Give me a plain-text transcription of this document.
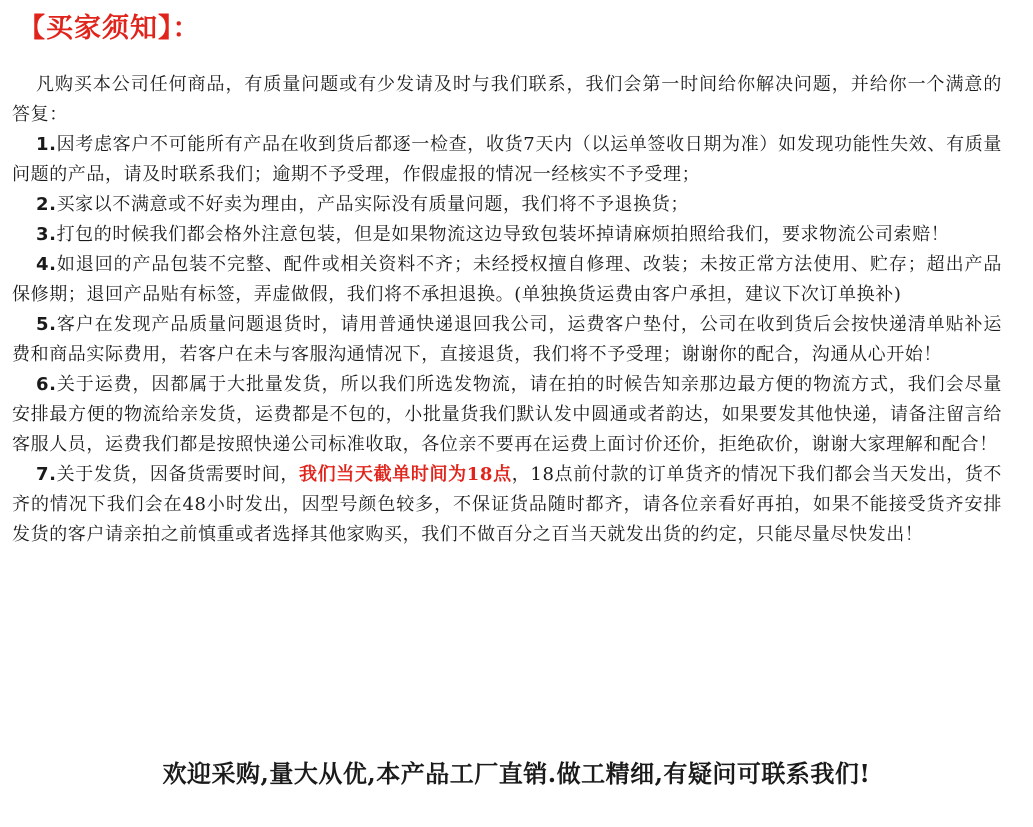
【买家须知】：

凡购买本公司任何商品，有质量问题或有少发请及时与我们联系，我们会第一时间给你解决问题，并给你一个满意的答复：

1.因考虑客户不可能所有产品在收到货后都逐一检查，收货7天内（以运单签收日期为准）如发现功能性失效、有质量问题的产品，请及时联系我们；逾期不予受理，作假虚报的情况一经核实不予受理；

2.买家以不满意或不好卖为理由，产品实际没有质量问题，我们将不予退换货；

3.打包的时候我们都会格外注意包装，但是如果物流这边导致包装坏掉请麻烦拍照给我们，要求物流公司索赔！

4.如退回的产品包装不完整、配件或相关资料不齐；未经授权擅自修理、改装；未按正常方法使用、贮存；超出产品保修期；退回产品贴有标签，弄虚做假，我们将不承担退换。(单独换货运费由客户承担，建议下次订单换补)

5.客户在发现产品质量问题退货时，请用普通快递退回我公司，运费客户垫付，公司在收到货后会按快递清单贴补运费和商品实际费用，若客户在未与客服沟通情况下，直接退货，我们将不予受理；谢谢你的配合，沟通从心开始！

6.关于运费，因都属于大批量发货，所以我们所选发物流，请在拍的时候告知亲那边最方便的物流方式，我们会尽量安排最方便的物流给亲发货，运费都是不包的，小批量货我们默认发中圆通或者韵达，如果要发其他快递，请备注留言给客服人员，运费我们都是按照快递公司标准收取，各位亲不要再在运费上面讨价还价，拒绝砍价，谢谢大家理解和配合！

7.关于发货，因备货需要时间，我们当天截单时间为18点，18点前付款的订单货齐的情况下我们都会当天发出，货不齐的情况下我们会在48小时发出，因型号颜色较多，不保证货品随时都齐，请各位亲看好再拍，如果不能接受货齐安排发货的客户请亲拍之前慎重或者选择其他家购买，我们不做百分之百当天就发出货的约定，只能尽量尽快发出！

欢迎采购,量大从优,本产品工厂直销.做工精细,有疑问可联系我们!
